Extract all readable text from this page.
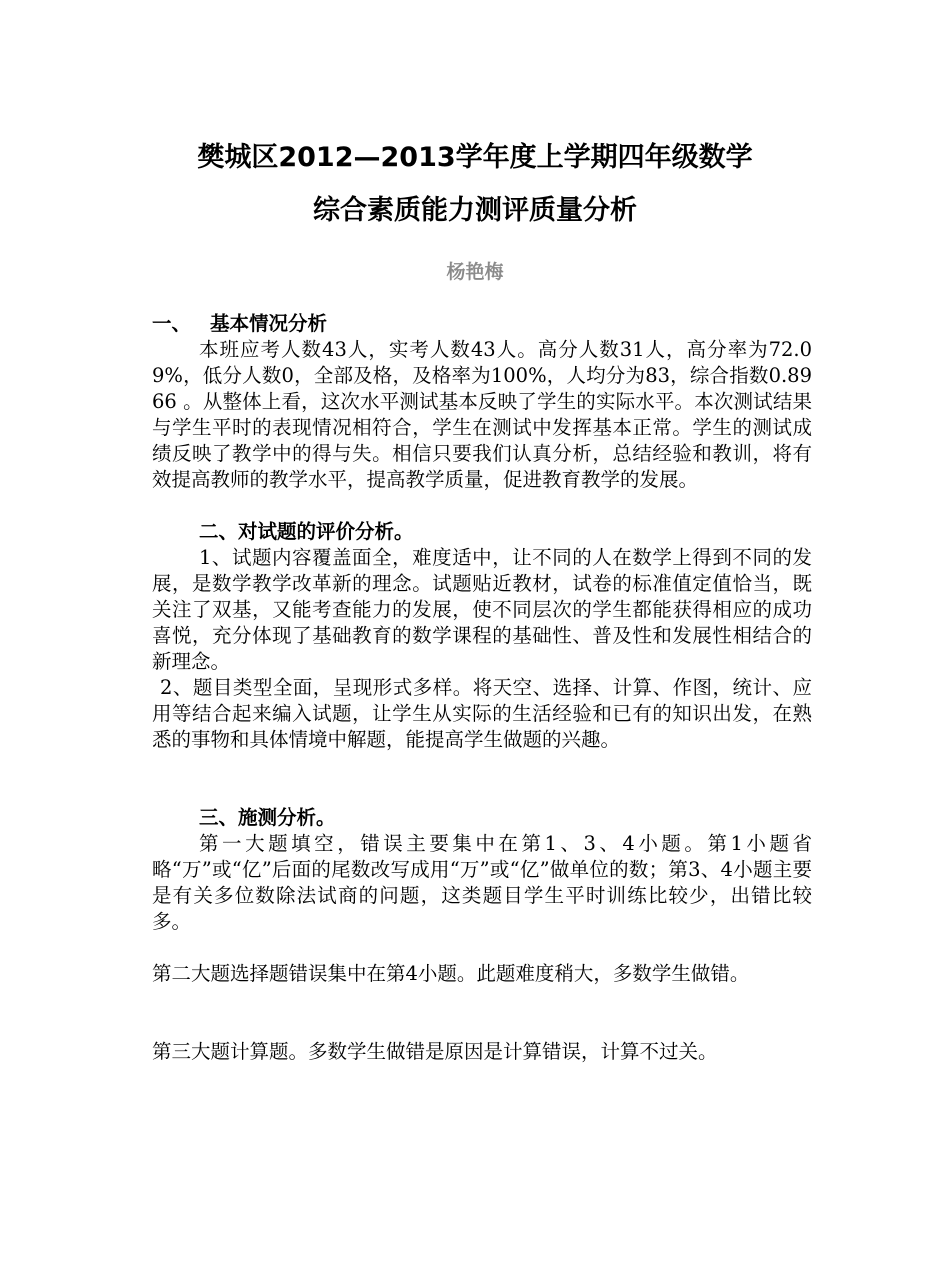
樊城区2012—2013学年度上学期四年级数学
综合素质能力测评质量分析
杨艳梅
一、 基本情况分析
本班应考人数43人，实考人数43人。高分人数31人，高分率为72.09%，低分人数0，全部及格，及格率为100%，人均分为83，综合指数0.8966 。从整体上看，这次水平测试基本反映了学生的实际水平。本次测试结果与学生平时的表现情况相符合，学生在测试中发挥基本正常。学生的测试成绩反映了教学中的得与失。相信只要我们认真分析，总结经验和教训，将有效提高教师的教学水平，提高教学质量，促进教育教学的发展。
二、对试题的评价分析。
1、试题内容覆盖面全，难度适中，让不同的人在数学上得到不同的发展，是数学教学改革新的理念。试题贴近教材，试卷的标准值定值恰当，既关注了双基，又能考查能力的发展，使不同层次的学生都能获得相应的成功喜悦，充分体现了基础教育的数学课程的基础性、普及性和发展性相结合的新理念。
2、题目类型全面，呈现形式多样。将天空、选择、计算、作图，统计、应用等结合起来编入试题，让学生从实际的生活经验和已有的知识出发，在熟悉的事物和具体情境中解题，能提高学生做题的兴趣。
三、施测分析。
第一大题填空，错误主要集中在第1、3、4小题。第1小题省略“万”或“亿”后面的尾数改写成用“万”或“亿”做单位的数；第3、4小题主要是有关多位数除法试商的问题，这类题目学生平时训练比较少，出错比较多。
第二大题选择题错误集中在第4小题。此题难度稍大，多数学生做错。
第三大题计算题。多数学生做错是原因是计算错误，计算不过关。
